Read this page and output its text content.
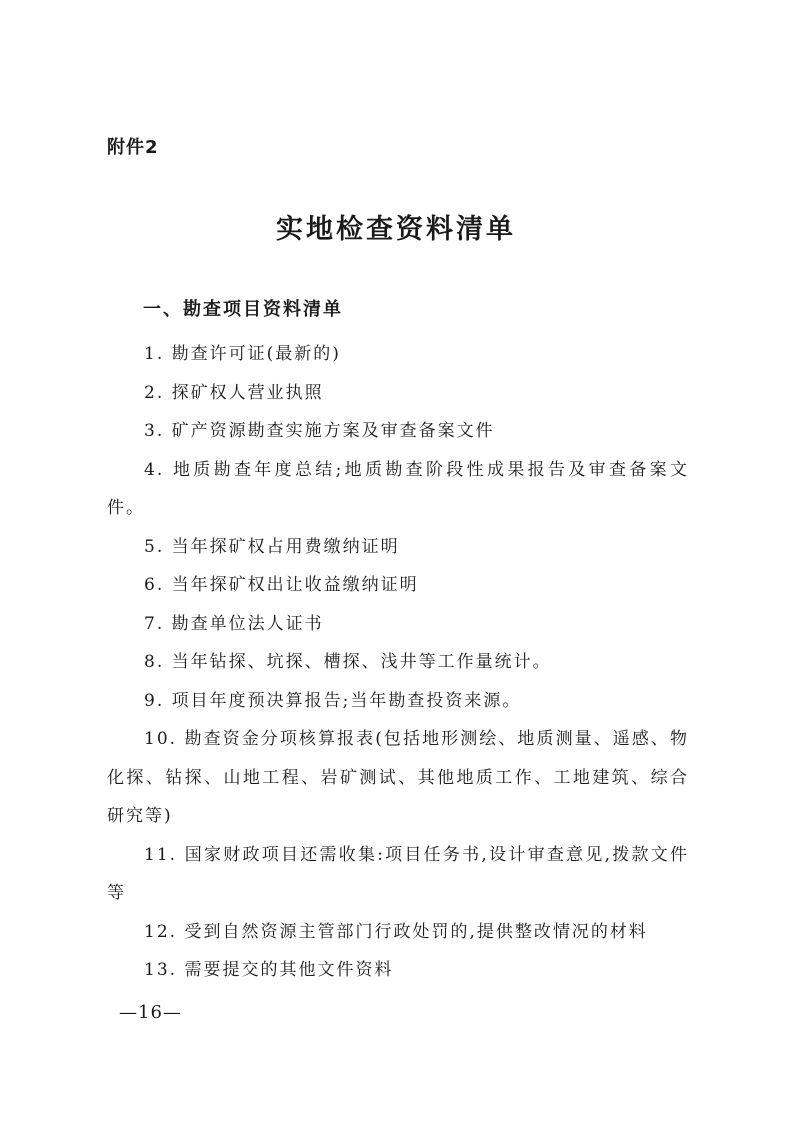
附件2
实地检查资料清单
一、勘查项目资料清单

1. 勘查许可证(最新的)

2. 探矿权人营业执照

3. 矿产资源勘查实施方案及审查备案文件

4. 地质勘查年度总结;地质勘查阶段性成果报告及审查备案文件。

5. 当年探矿权占用费缴纳证明

6. 当年探矿权出让收益缴纳证明

7. 勘查单位法人证书

8. 当年钻探、坑探、槽探、浅井等工作量统计。

9. 项目年度预决算报告;当年勘查投资来源。

10. 勘查资金分项核算报表(包括地形测绘、地质测量、遥感、物化探、钻探、山地工程、岩矿测试、其他地质工作、工地建筑、综合研究等)

11. 国家财政项目还需收集:项目任务书,设计审查意见,拨款文件等

12. 受到自然资源主管部门行政处罚的,提供整改情况的材料

13. 需要提交的其他文件资料

—16—
